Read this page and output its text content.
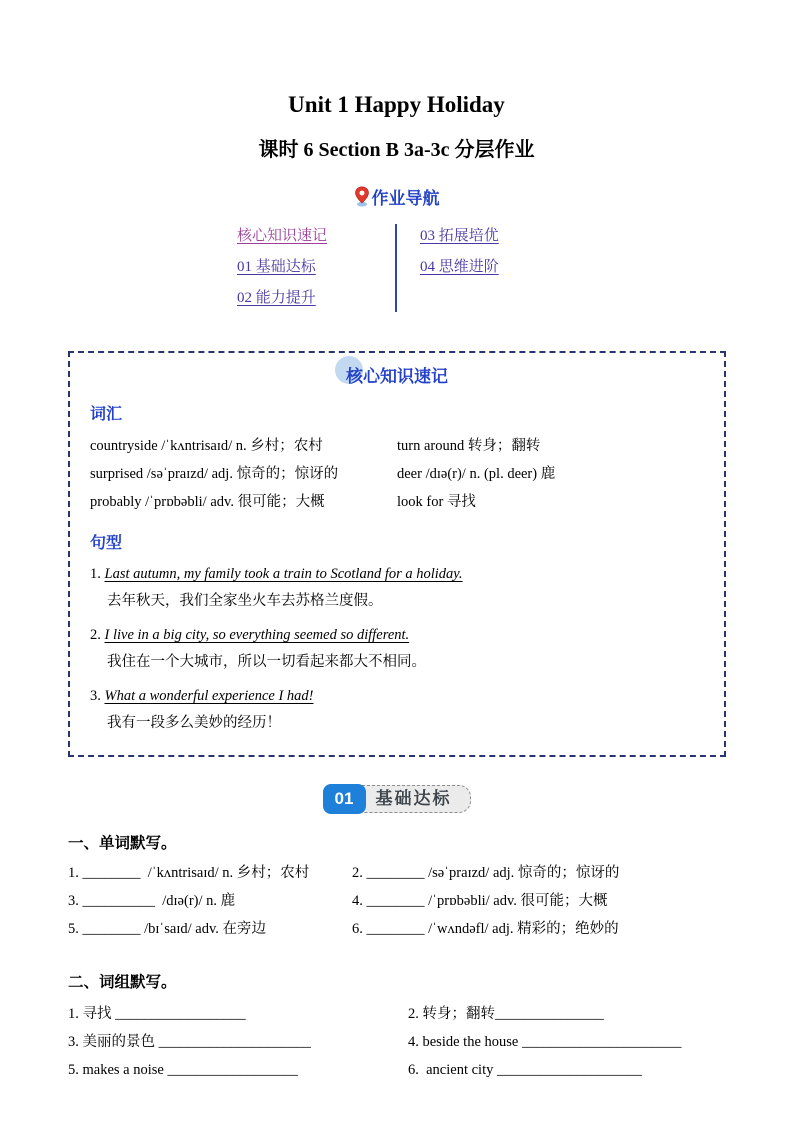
Unit 1 Happy Holiday
课时 6 Section B 3a-3c 分层作业
作业导航
核心知识速记
01 基础达标
02 能力提升
03 拓展培优
04 思维进阶
核心知识速记
词汇
countryside /ˈkʌntrisaɪd/ n. 乡村；农村	turn around 转身；翻转
surprised /səˈpraɪzd/ adj. 惊奇的；惊讶的	deer /dɪə(r)/ n. (pl. deer) 鹿
probably /ˈprɒbəbli/ adv. 很可能；大概	look for 寻找
句型
1. Last autumn, my family took a train to Scotland for a holiday.
去年秋天，我们全家坐火车去苏格兰度假。
2. I live in a big city, so everything seemed so different.
我住在一个大城市，所以一切看起来都大不相同。
3. What a wonderful experience I had!
我有一段多么美妙的经历！
01	基础达标
一、单词默写。
1. ________  /ˈkʌntrisaɪd/ n. 乡村；农村	2. ________ /səˈpraɪzd/ adj. 惊奇的；惊讶的
3. __________  /dɪə(r)/ n. 鹿	4. ________ /ˈprɒbəbli/ adv. 很可能；大概
5. ________ /bɪˈsaɪd/ adv. 在旁边	6. ________ /ˈwʌndəfl/ adj. 精彩的；绝妙的
二、词组默写。
1. 寻找 __________________	2. 转身；翻转_______________
3. 美丽的景色 _____________________	4. beside the house ______________________
5. makes a noise __________________	6.  ancient city ____________________
